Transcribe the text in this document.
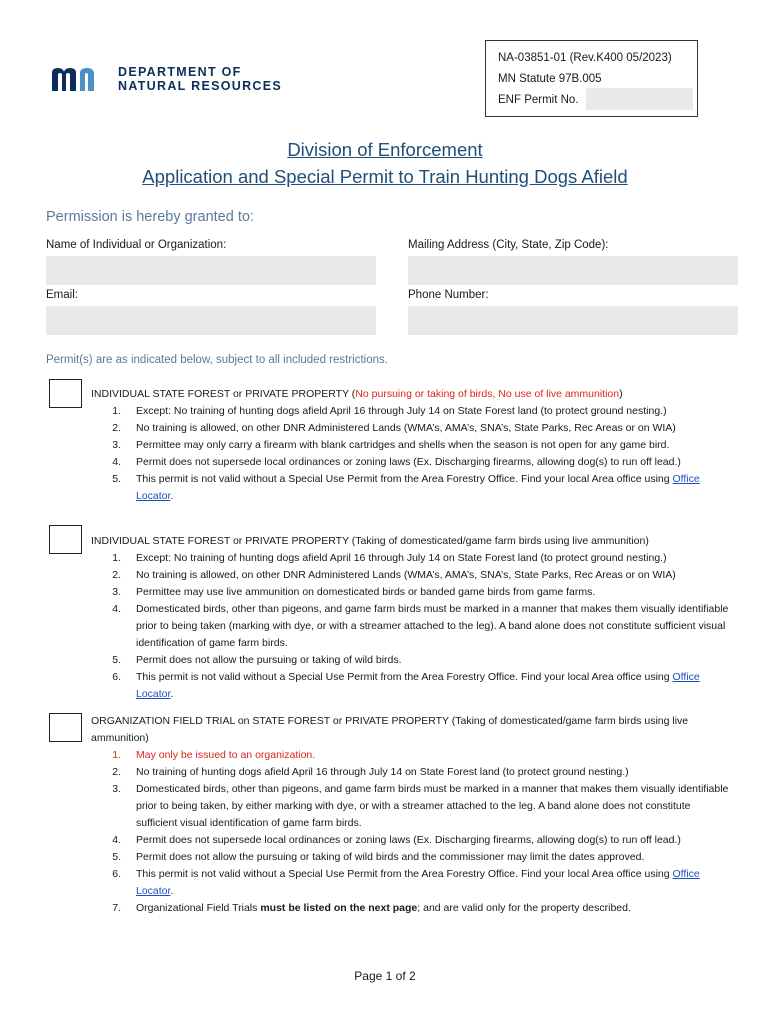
DEPARTMENT OF
NATURAL RESOURCES
NA-03851-01 (Rev.K400 05/2023)
MN Statute 97B.005
ENF Permit No.
Division of Enforcement
Application and Special Permit to Train Hunting Dogs Afield
Permission is hereby granted to:
Name of Individual or Organization:	Mailing Address (City, State, Zip Code):
Email:	Phone Number:
Permit(s) are as indicated below, subject to all included restrictions.
INDIVIDUAL STATE FOREST or PRIVATE PROPERTY (No pursuing or taking of birds, No use of live ammunition)
1.	Except: No training of hunting dogs afield April 16 through July 14 on State Forest land (to protect ground nesting.)
2.	No training is allowed, on other DNR Administered Lands (WMA’s, AMA’s, SNA’s, State Parks, Rec Areas or on WIA)
3.	Permittee may only carry a firearm with blank cartridges and shells when the season is not open for any game bird.
4.	Permit does not supersede local ordinances or zoning laws (Ex. Discharging firearms, allowing dog(s) to run off lead.)
5.	This permit is not valid without a Special Use Permit from the Area Forestry Office. Find your local Area office using Office Locator.
INDIVIDUAL STATE FOREST or PRIVATE PROPERTY (Taking of domesticated/game farm birds using live ammunition)
1.	Except: No training of hunting dogs afield April 16 through July 14 on State Forest land (to protect ground nesting.)
2.	No training is allowed, on other DNR Administered Lands (WMA’s, AMA’s, SNA’s, State Parks, Rec Areas or on WIA)
3.	Permittee may use live ammunition on domesticated birds or banded game birds from game farms.
4.	Domesticated birds, other than pigeons, and game farm birds must be marked in a manner that makes them visually identifiable prior to being taken (marking with dye, or with a streamer attached to the leg). A band alone does not constitute sufficient visual identification of game farm birds.
5.	Permit does not allow the pursuing or taking of wild birds.
6.	This permit is not valid without a Special Use Permit from the Area Forestry Office. Find your local Area office using Office Locator.
ORGANIZATION FIELD TRIAL on STATE FOREST or PRIVATE PROPERTY (Taking of domesticated/game farm birds using live ammunition)
1.	May only be issued to an organization.
2.	No training of hunting dogs afield April 16 through July 14 on State Forest land (to protect ground nesting.)
3.	Domesticated birds, other than pigeons, and game farm birds must be marked in a manner that makes them visually identifiable prior to being taken, by either marking with dye, or with a streamer attached to the leg. A band alone does not constitute sufficient visual identification of game farm birds.
4.	Permit does not supersede local ordinances or zoning laws (Ex. Discharging firearms, allowing dog(s) to run off lead.)
5.	Permit does not allow the pursuing or taking of wild birds and the commissioner may limit the dates approved.
6.	This permit is not valid without a Special Use Permit from the Area Forestry Office. Find your local Area office using Office Locator.
7.	Organizational Field Trials must be listed on the next page; and are valid only for the property described.
Page 1 of 2
